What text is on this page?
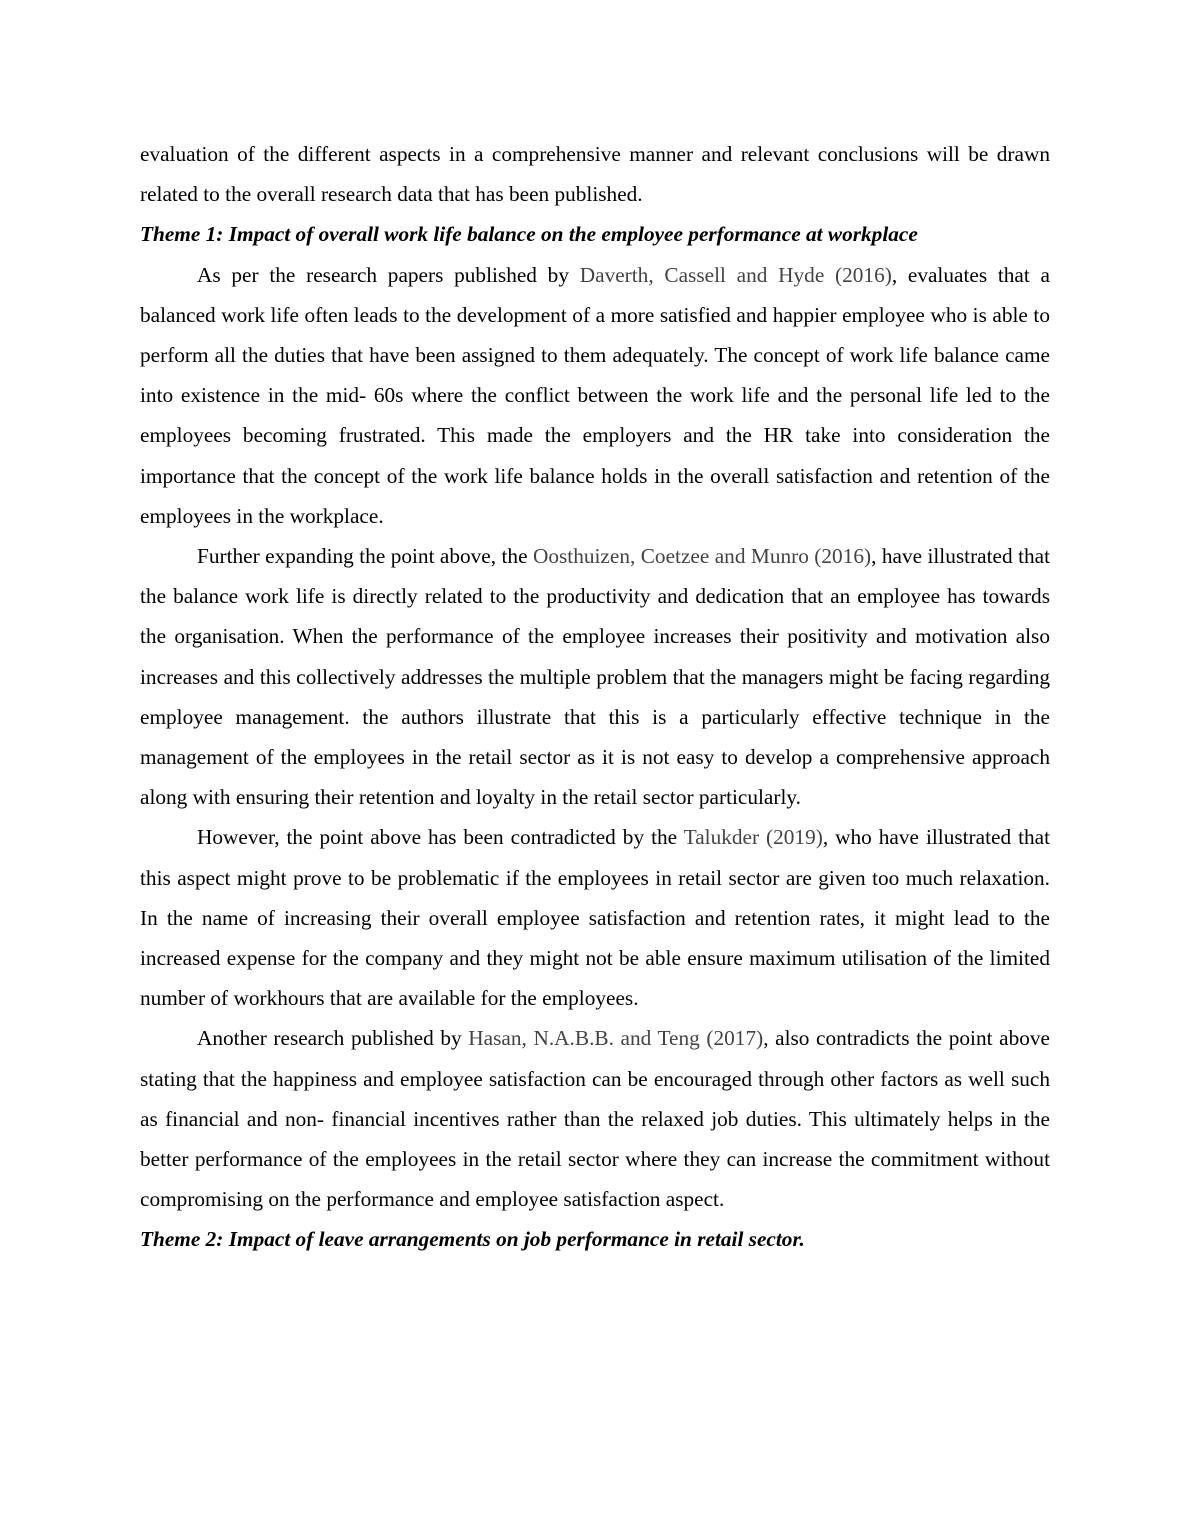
evaluation of the different aspects in a comprehensive manner and relevant conclusions will be drawn related to the overall research data that has been published.

Theme 1: Impact of overall work life balance on the employee performance at workplace

As per the research papers published by Daverth, Cassell and Hyde (2016), evaluates that a balanced work life often leads to the development of a more satisfied and happier employee who is able to perform all the duties that have been assigned to them adequately. The concept of work life balance came into existence in the mid- 60s where the conflict between the work life and the personal life led to the employees becoming frustrated. This made the employers and the HR take into consideration the importance that the concept of the work life balance holds in the overall satisfaction and retention of the employees in the workplace.

Further expanding the point above, the Oosthuizen, Coetzee and Munro (2016), have illustrated that the balance work life is directly related to the productivity and dedication that an employee has towards the organisation. When the performance of the employee increases their positivity and motivation also increases and this collectively addresses the multiple problem that the managers might be facing regarding employee management. the authors illustrate that this is a particularly effective technique in the management of the employees in the retail sector as it is not easy to develop a comprehensive approach along with ensuring their retention and loyalty in the retail sector particularly.

However, the point above has been contradicted by the Talukder (2019), who have illustrated that this aspect might prove to be problematic if the employees in retail sector are given too much relaxation. In the name of increasing their overall employee satisfaction and retention rates, it might lead to the increased expense for the company and they might not be able ensure maximum utilisation of the limited number of workhours that are available for the employees.

Another research published by Hasan, N.A.B.B. and Teng (2017), also contradicts the point above stating that the happiness and employee satisfaction can be encouraged through other factors as well such as financial and non- financial incentives rather than the relaxed job duties. This ultimately helps in the better performance of the employees in the retail sector where they can increase the commitment without compromising on the performance and employee satisfaction aspect.

Theme 2: Impact of leave arrangements on job performance in retail sector.
